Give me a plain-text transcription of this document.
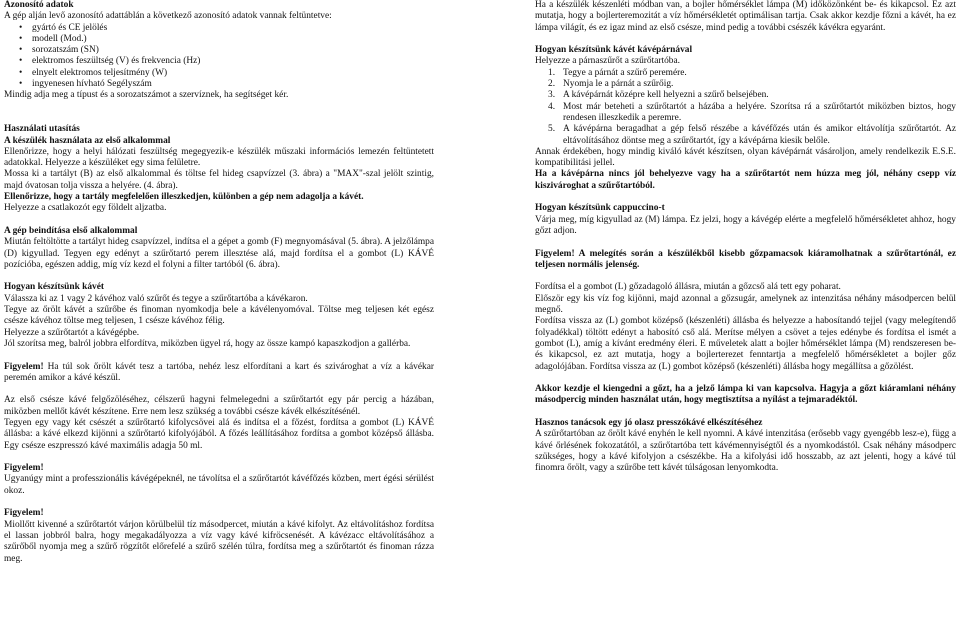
Azonosító adatok

A gép alján levő azonosító adattáblán a következő azonosító adatok vannak feltüntetve:

• gyártó és CE jelölés
• modell (Mod.)
• sorozatszám (SN)
• elektromos feszültség (V) és frekvencia (Hz)
• elnyelt elektromos teljesítmény (W)
• ingyenesen hívható Segélyszám

Mindig adja meg a típust és a sorozatszámot a szervíznek, ha segítséget kér.

Használati utasítás

A készülék használata az első alkalommal

Ellenőrizze, hogy a helyi hálózati feszültség megegyezik-e készülék műszaki információs lemezén feltüntetett adatokkal. Helyezze a készüléket egy sima felületre.

Mossa ki a tartályt (B) az első alkalommal és töltse fel hideg csapvízzel (3. ábra) a "MAX"-szal jelölt szintig, majd óvatosan tolja vissza a helyére. (4. ábra).

Ellenőrizze, hogy a tartály megfelelően illeszkedjen, különben a gép nem adagolja a kávét.

Helyezze a csatlakozót egy földelt aljzatba.

A gép beindítása első alkalommal

Miután feltöltötte a tartályt hideg csapvízzel, indítsa el a gépet a gomb (F) megnyomásával (5. ábra). A jelzőlámpa (D) kigyullad. Tegyen egy edényt a szűrőtartó perem illesztése alá, majd fordítsa el a gombot (L) KÁVÉ pozícióba, egészen addig, míg víz kezd el folyni a filter tartóból (6. ábra).

Hogyan készítsünk kávét

Válassza ki az 1 vagy 2 kávéhoz való szűrőt és tegye a szűrőtartóba a kávékaron.

Tegye az őrölt kávét a szűrőbe és finoman nyomkodja bele a kávélenyomóval. Töltse meg teljesen két egész csésze kávéhoz töltse meg teljesen, 1 csésze kávéhoz félig.

Helyezze a szűrőtartót a kávégépbe.

Jól szorítsa meg, balról jobbra elfordítva, miközben ügyel rá, hogy az össze kampó kapaszkodjon a gallérba.

Figyelem! Ha túl sok őrölt kávét tesz a tartóba, nehéz lesz elfordítani a kart és szivároghat a víz a kávékar peremén amikor a kávé készül.

Az első csésze kávé felgőzöléséhez, célszerű hagyni felmelegedni a szűrőtartót egy pár percig a házában, miközben mellőt kávét készítene. Erre nem lesz szükség a további csésze kávék elkészítésénél.

Tegyen egy vagy két csészét a szűrőtartó kifolycsövei alá és indítsa el a főzést, fordítsa a gombot (L) KÁVÉ állásba: a kávé elkezd kijönni a szűrőtartó kifolyójából. A főzés leállításához fordítsa a gombot középső állásba. Egy csésze eszpresszó kávé maximális adagja 50 ml.

Figyelem!

Ugyanúgy mint a professzionális kávégépeknél, ne távolítsa el a szűrőtartót kávéfőzés közben, mert égési sérülést okoz.

Figyelem!

Miollőtt kivenné a szűrőtartót várjon körülbelül tíz másodpercet, miután a kávé kifolyt. Az eltávolításhoz fordítsa el lassan jobbról balra, hogy megakadályozza a víz vagy kávé kifröcsenését. A kávézacc eltávolításához a szűrőből nyomja meg a szűrő rögzítőt előrefelé a szűrő szélén túlra, fordítsa meg a szűrőtartót és finoman rázza meg.

Ha a készülék készenléti módban van, a bojler hőmérséklet lámpa (M) időközönként be- és kikapcsol. Ez azt mutatja, hogy a bojlerteremozitát a víz hőmérsékletét optimálisan tartja. Csak akkor kezdje főzni a kávét, ha ez lámpa világít, és ez igaz mind az első csésze, mind pedig a további csészék kávékra egyaránt.

Hogyan készítsünk kávét kávépárnával

Helyezze a párnaszűrőt a szűrőtartóba.

1. Tegye a párnát a szűrő peremére.
2. Nyomja le a párnát a szűrőig.
3. A kávépárnát középre kell helyezni a szűrő belsejében.
4. Most már beteheti a szűrőtartót a házába a helyére. Szorítsa rá a szűrőtartót miközben biztos, hogy rendesen illeszkedik a peremre.
5. A kávépárna beragadhat a gép felső részébe a kávéfőzés után és amikor eltávolítja szűrőtartót. Az eltávolításához döntse meg a szűrőtartót, így a kávépárna kiesik belőle.

Annak érdekében, hogy mindig kiváló kávét készítsen, olyan kávépárnát vásároljon, amely rendelkezik E.S.E. kompatibilitási jellel.

Ha a kávépárna nincs jól behelyezve vagy ha a szűrőtartót nem húzza meg jól, néhány csepp víz kiszivároghat a szűrőtartóból.

Hogyan készítsünk cappuccino-t

Várja meg, míg kigyullad az (M) lámpa. Ez jelzi, hogy a kávégép elérte a megfelelő hőmérsékletet ahhoz, hogy gőzt adjon.

Figyelem! A melegítés során a készülékből kisebb gőzpamacsok kiáramolhatnak a szűrőtartónál, ez teljesen normális jelenség.

Fordítsa el a gombot (L) gőzadagoló állásra, miután a gőzcső alá tett egy poharat.

Először egy kis víz fog kijönni, majd azonnal a gőzsugár, amelynek az intenzitása néhány másodpercen belül megnő.

Fordítsa vissza az (L) gombot középső (készenléti) állásba és helyezze a habosítandó tejjel (vagy melegítendő folyadékkal) töltött edényt a habosító cső alá. Merítse mélyen a csövet a tejes edénybe és fordítsa el ismét a gombot (L), amíg a kívánt eredmény éleri. E műveletek alatt a bojler hőmérséklet lámpa (M) rendszeresen be- és kikapcsol, ez azt mutatja, hogy a bojlerterezet fenntartja a megfelelő hőmérsékletet a bojler gőz adagolójában. Fordítsa vissza az (L) gombot középső (készenléti) állásba hogy megállítsa a gőzölést.

Akkor kezdje el kiengedni a gőzt, ha a jelző lámpa ki van kapcsolva. Hagyja a gőzt kiáramlani néhány másodpercig minden használat után, hogy megtisztítsa a nyílást a tejmaradéktól.

Hasznos tanácsok egy jó olasz presszókávé elkészítéséhez

A szűrőtartóban az őrölt kávé enyhén le kell nyomni. A kávé intenzitása (erősebb vagy gyengébb lesz-e), függ a kávé őrlésének fokozatától, a szűrőtartóba tett kávémennyiségtől és a nyomkodástól. Csak néhány másodperc szükséges, hogy a kávé kifolyjon a csészékbe. Ha a kifolyási idő hosszabb, az azt jelenti, hogy a kávé túl finomra őrölt, vagy a szűrőbe tett kávét túlságosan lenyomkodta.
